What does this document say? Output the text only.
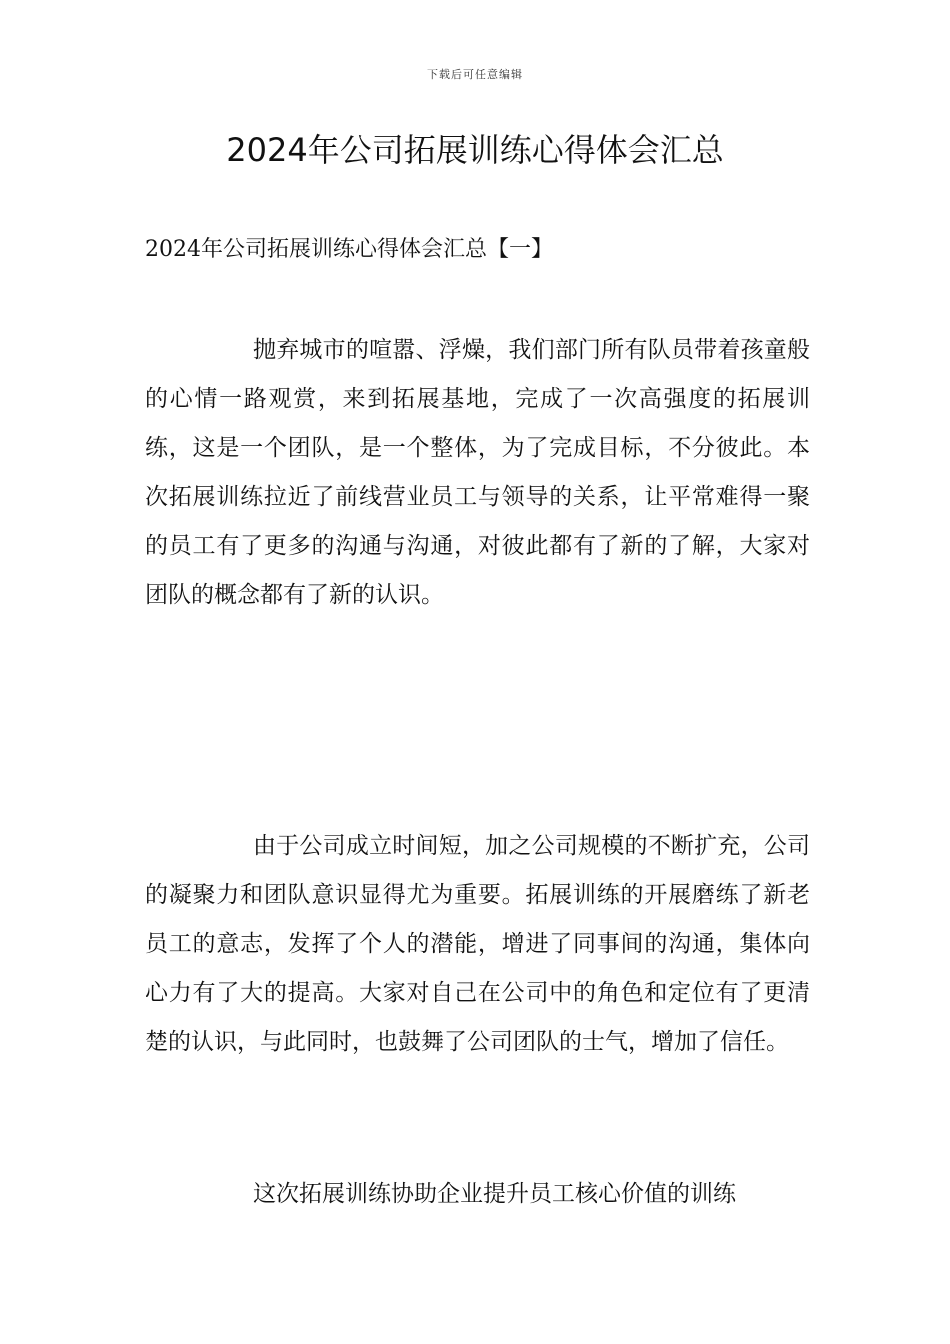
下载后可任意编辑
2024年公司拓展训练心得体会汇总
2024年公司拓展训练心得体会汇总【一】

抛弃城市的喧嚣、浮燥，我们部门所有队员带着孩童般的心情一路观赏，来到拓展基地，完成了一次高强度的拓展训练，这是一个团队，是一个整体，为了完成目标，不分彼此。本次拓展训练拉近了前线营业员工与领导的关系，让平常难得一聚的员工有了更多的沟通与沟通，对彼此都有了新的了解，大家对团队的概念都有了新的认识。

由于公司成立时间短，加之公司规模的不断扩充，公司的凝聚力和团队意识显得尤为重要。拓展训练的开展磨练了新老员工的意志，发挥了个人的潜能，增进了同事间的沟通，集体向心力有了大的提高。大家对自己在公司中的角色和定位有了更清楚的认识，与此同时，也鼓舞了公司团队的士气，增加了信任。

这次拓展训练协助企业提升员工核心价值的训练
